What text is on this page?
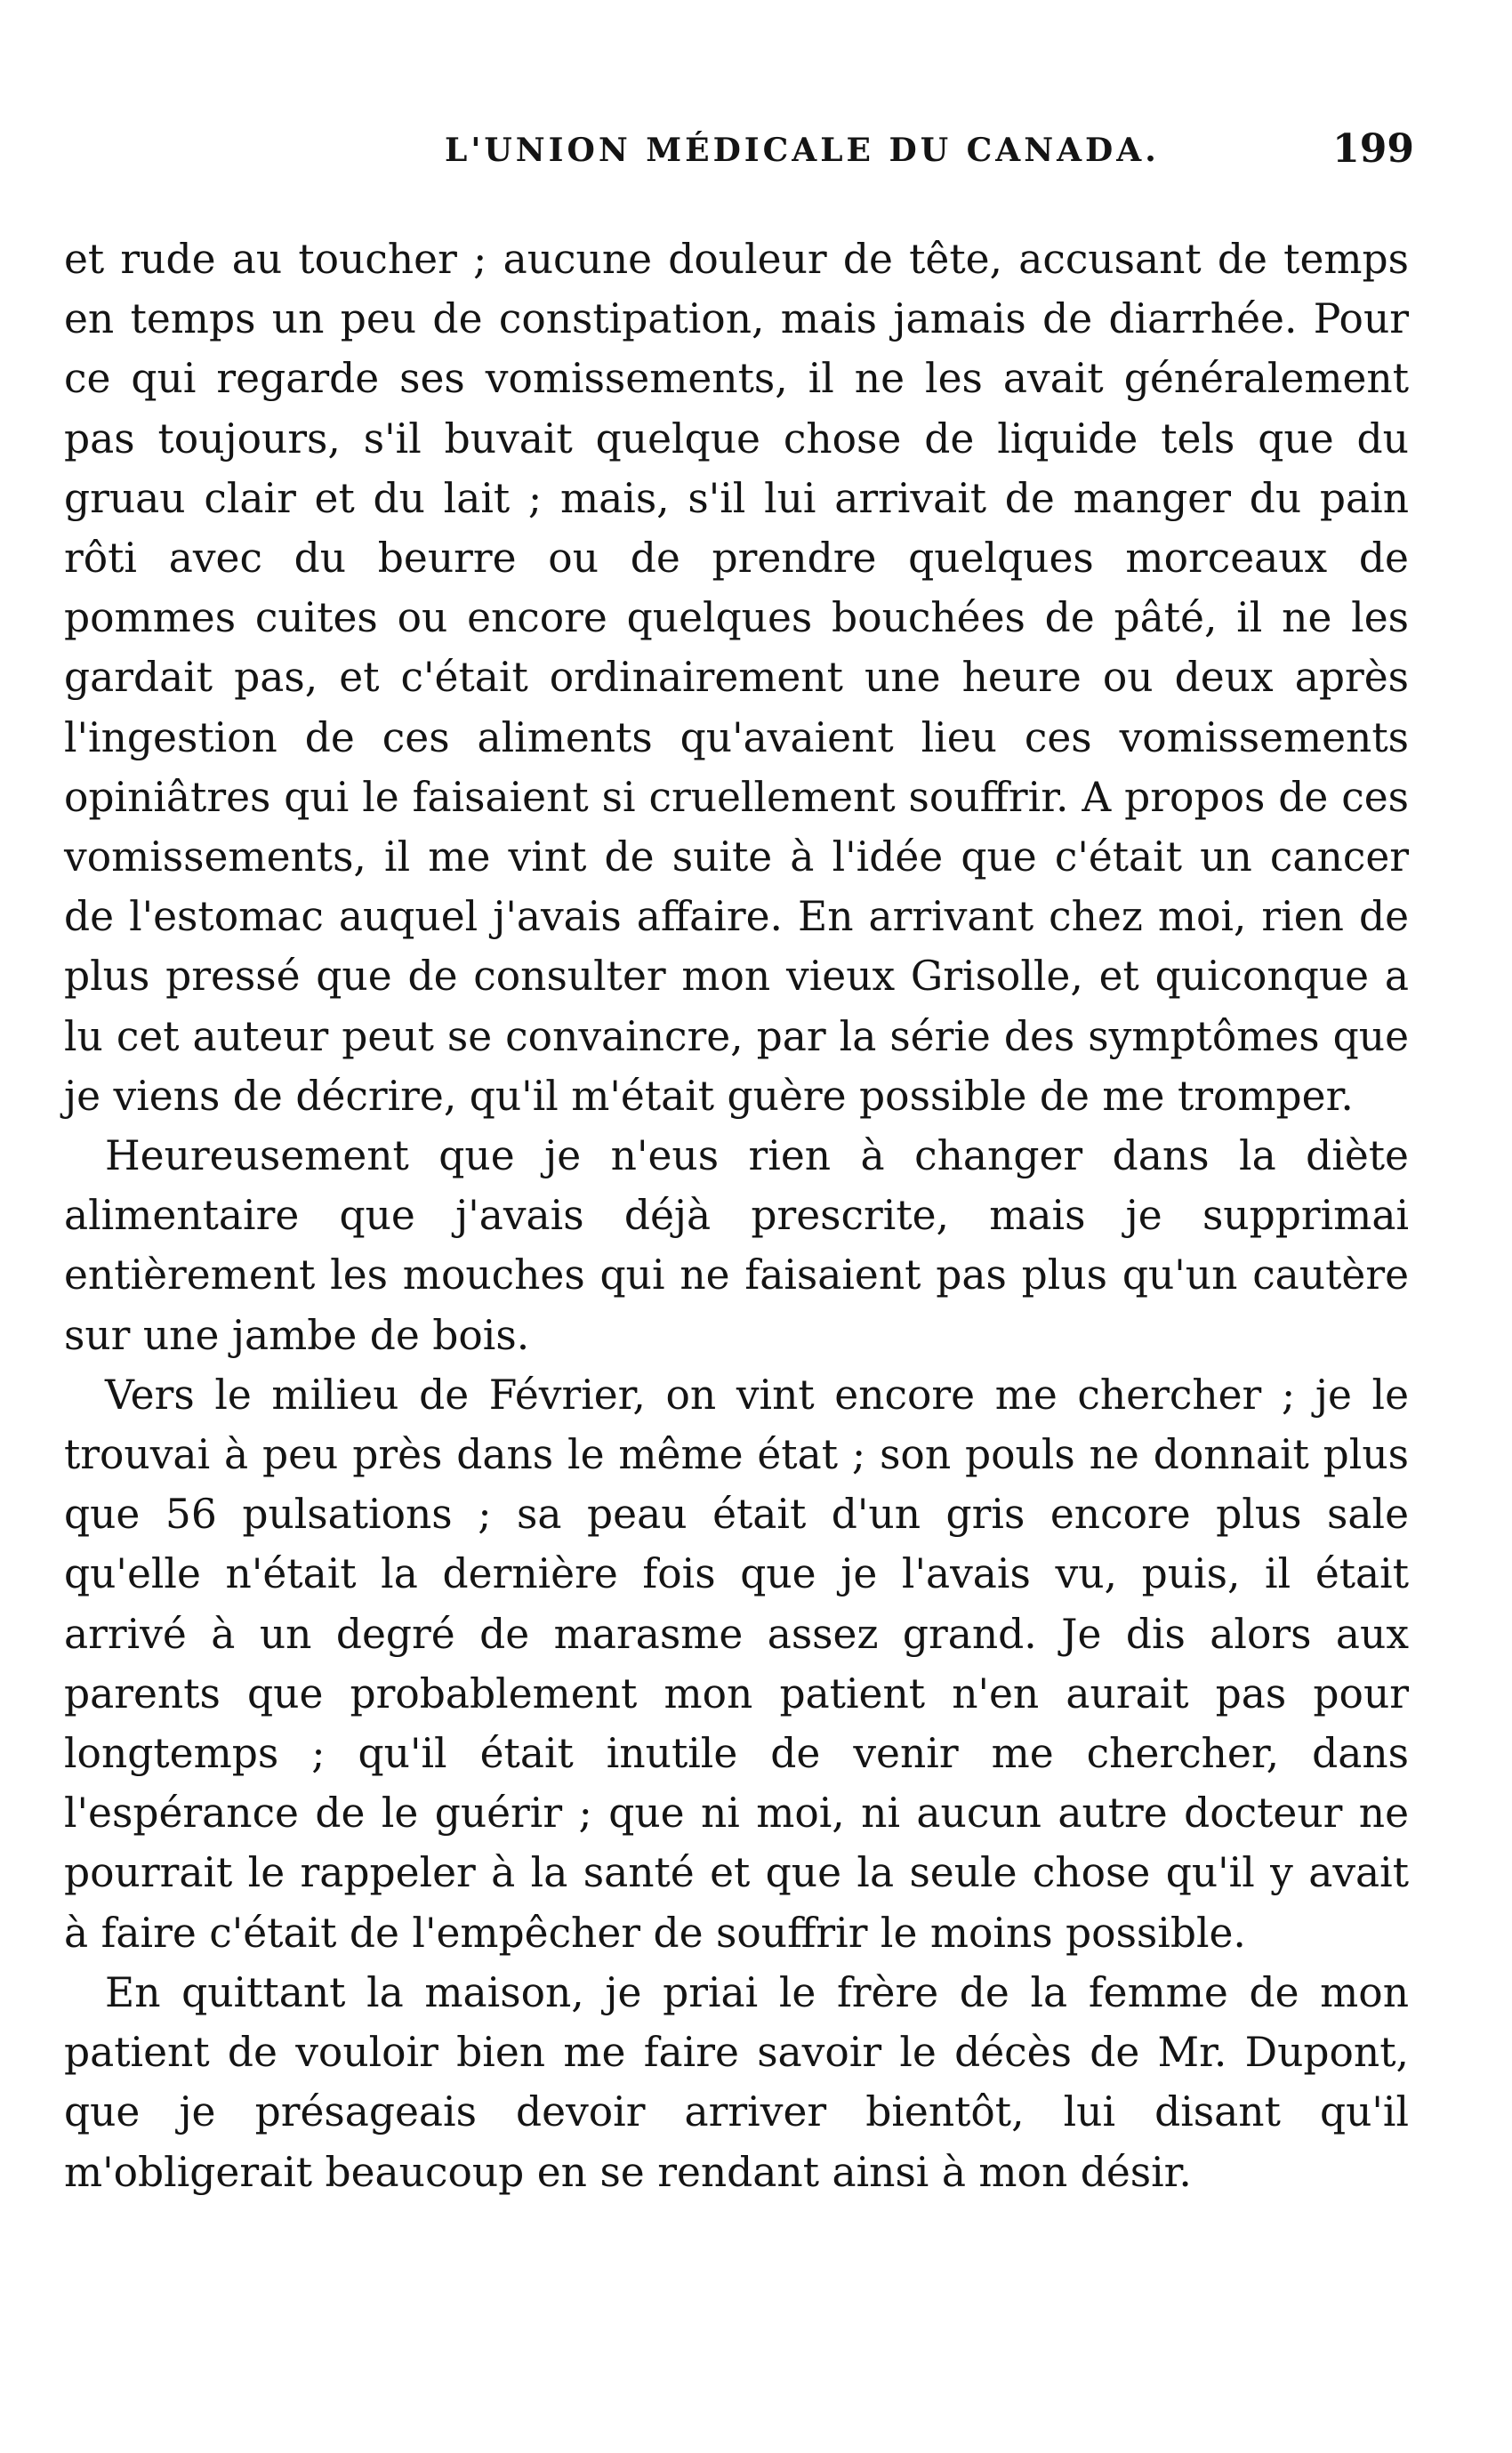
L'UNION MÉDICALE DU CANADA.	199

et rude au toucher ; aucune douleur de tête, accusant de temps en temps un peu de constipation, mais jamais de diarrhée. Pour ce qui regarde ses vomissements, il ne les avait généralement pas toujours, s'il buvait quelque chose de liquide tels que du gruau clair et du lait ; mais, s'il lui arrivait de manger du pain rôti avec du beurre ou de prendre quelques morceaux de pommes cuites ou encore quelques bouchées de pâté, il ne les gardait pas, et c'était ordinairement une heure ou deux après l'ingestion de ces aliments qu'avaient lieu ces vomissements opiniâtres qui le faisaient si cruellement souffrir. A propos de ces vomissements, il me vint de suite à l'idée que c'était un cancer de l'estomac auquel j'avais affaire. En arrivant chez moi, rien de plus pressé que de consulter mon vieux Grisolle, et quiconque a lu cet auteur peut se convaincre, par la série des symptômes que je viens de décrire, qu'il m'était guère possible de me tromper.

Heureusement que je n'eus rien à changer dans la diète alimentaire que j'avais déjà prescrite, mais je supprimai entièrement les mouches qui ne faisaient pas plus qu'un cautère sur une jambe de bois.

Vers le milieu de Février, on vint encore me chercher ; je le trouvai à peu près dans le même état ; son pouls ne donnait plus que 56 pulsations ; sa peau était d'un gris encore plus sale qu'elle n'était la dernière fois que je l'avais vu, puis, il était arrivé à un degré de marasme assez grand. Je dis alors aux parents que probablement mon patient n'en aurait pas pour longtemps ; qu'il était inutile de venir me chercher, dans l'espérance de le guérir ; que ni moi, ni aucun autre docteur ne pourrait le rappeler à la santé et que la seule chose qu'il y avait à faire c'était de l'empêcher de souffrir le moins possible.

En quittant la maison, je priai le frère de la femme de mon patient de vouloir bien me faire savoir le décès de Mr. Dupont, que je présageais devoir arriver bientôt, lui disant qu'il m'obligerait beaucoup en se rendant ainsi à mon désir.
